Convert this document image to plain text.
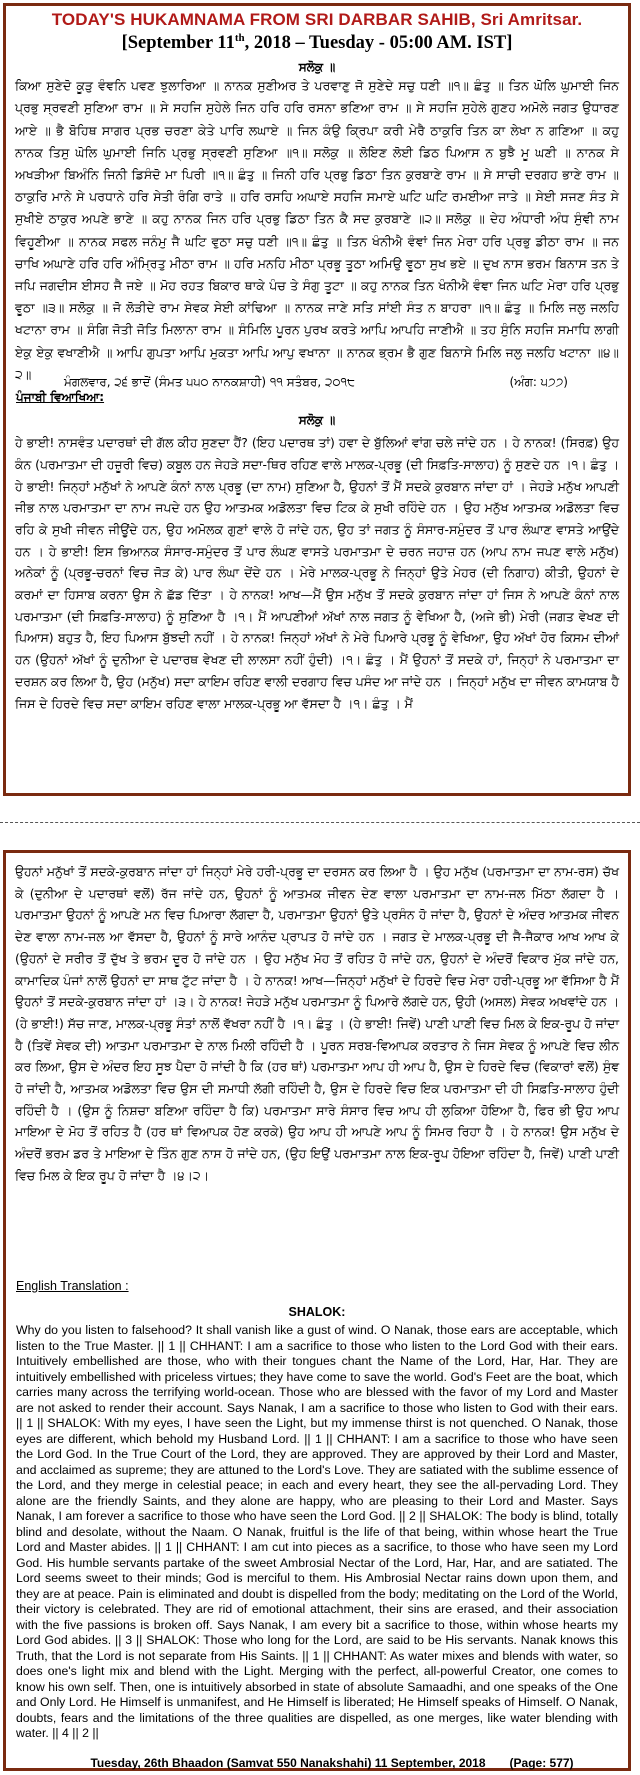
TODAY'S HUKAMNAMA FROM SRI DARBAR SAHIB, Sri Amritsar.
[September 11th, 2018 – Tuesday - 05:00 AM. IST]
ਸਲੋਕੁ ॥
ਕਿਆ ਸੁਣੇਦੋ ਕੂੜੁ ਵੰਞਨਿ ਪਵਣ ਝੁਲਾਰਿਆ ॥ ਨਾਨਕ ਸੁਣੀਅਰ ਤੇ ਪਰਵਾਣੁ ਜੋ ਸੁਣੇਦੇ ਸਚੁ ਧਣੀ ॥੧॥ ਛੰਤੁ ॥ ਤਿਨ ਘੋਲਿ ਘੁਮਾਈ ਜਿਨ ਪ੍ਰਭੁ ਸ੍ਰਵਣੀ ਸੁਣਿਆ ਰਾਮ ॥ ਸੇ ਸਹਜਿ ਸੁਹੇਲੇ ਜਿਨ ਹਰਿ ਹਰਿ ਰਸਨਾ ਭਣਿਆ ਰਾਮ ॥ ਸੇ ਸਹਜਿ ਸੁਹੇਲੇ ਗੁਣਹ ਅਮੋਲੇ ਜਗਤ ਉਧਾਰਣ ਆਏ ॥ ਭੈ ਬੋਹਿਥ ਸਾਗਰ ਪ੍ਰਭ ਚਰਣਾ ਕੇਤੇ ਪਾਰਿ ਲਘਾਏ ॥ ਜਿਨ ਕੰਉ ਕ੍ਰਿਪਾ ਕਰੀ ਮੇਰੈ ਠਾਕੁਰਿ ਤਿਨ ਕਾ ਲੇਖਾ ਨ ਗਣਿਆ ॥ ਕਹੁ ਨਾਨਕ ਤਿਸੁ ਘੋਲਿ ਘੁਮਾਈ ਜਿਨਿ ਪ੍ਰਭੁ ਸ੍ਰਵਣੀ ਸੁਣਿਆ ॥੧॥ ਸਲੋਕੁ ॥ ਲੋਇਣ ਲੋਈ ਡਿਠ ਪਿਆਸ ਨ ਬੁਝੈ ਮੂ ਘਣੀ ॥ ਨਾਨਕ ਸੇ ਅਖੜੀਆ ਬਿਅੰਨਿ ਜਿਨੀ ਡਿਸੰਦੋ ਮਾ ਪਿਰੀ ॥੧॥ ਛੰਤੁ ॥ ਜਿਨੀ ਹਰਿ ਪ੍ਰਭੁ ਡਿਠਾ ਤਿਨ ਕੁਰਬਾਣੇ ਰਾਮ ॥ ਸੇ ਸਾਚੀ ਦਰਗਹ ਭਾਣੇ ਰਾਮ ॥ ਠਾਕੁਰਿ ਮਾਨੇ ਸੇ ਪਰਧਾਨੇ ਹਰਿ ਸੇਤੀ ਰੰਗਿ ਰਾਤੇ ॥ ਹਰਿ ਰਸਹਿ ਅਘਾਏ ਸਹਜਿ ਸਮਾਏ ਘਟਿ ਘਟਿ ਰਮਈਆ ਜਾਤੇ ॥ ਸੇਈ ਸਜਣ ਸੰਤ ਸੇ ਸੁਖੀਏ ਠਾਕੁਰ ਅਪਣੇ ਭਾਣੇ ॥ ਕਹੁ ਨਾਨਕ ਜਿਨ ਹਰਿ ਪ੍ਰਭੁ ਡਿਠਾ ਤਿਨ ਕੈ ਸਦ ਕੁਰਬਾਣੇ ॥੨॥ ਸਲੋਕੁ ॥ ਦੇਹ ਅੰਧਾਰੀ ਅੰਧ ਸੁੰਞੀ ਨਾਮ ਵਿਹੂਣੀਆ ॥ ਨਾਨਕ ਸਫਲ ਜਨੰਮੁ ਜੈ ਘਟਿ ਵੁਠਾ ਸਚੁ ਧਣੀ ॥੧॥ ਛੰਤੁ ॥ ਤਿਨ ਖੰਨੀਐ ਵੰਞਾਂ ਜਿਨ ਮੇਰਾ ਹਰਿ ਪ੍ਰਭੁ ਡੀਠਾ ਰਾਮ ॥ ਜਨ ਚਾਖਿ ਅਘਾਣੇ ਹਰਿ ਹਰਿ ਅੰਮ੍ਰਿਤੁ ਮੀਠਾ ਰਾਮ ॥ ਹਰਿ ਮਨਹਿ ਮੀਠਾ ਪ੍ਰਭੂ ਤੂਠਾ ਅਮਿਉ ਵੂਠਾ ਸੁਖ ਭਏ ॥ ਦੁਖ ਨਾਸ ਭਰਮ ਬਿਨਾਸ ਤਨ ਤੇ ਜਪਿ ਜਗਦੀਸ ਈਸਹ ਜੈ ਜਏ ॥ ਮੋਹ ਰਹਤ ਬਿਕਾਰ ਥਾਕੇ ਪੰਚ ਤੇ ਸੰਗੁ ਤੂਟਾ ॥ ਕਹੁ ਨਾਨਕ ਤਿਨ ਖੰਨੀਐ ਵੰਞਾ ਜਿਨ ਘਟਿ ਮੇਰਾ ਹਰਿ ਪ੍ਰਭੁ ਵੂਠਾ ॥੩॥ ਸਲੋਕੁ ॥ ਜੋ ਲੋੜੀਦੇ ਰਾਮ ਸੇਵਕ ਸੇਈ ਕਾਂਢਿਆ ॥ ਨਾਨਕ ਜਾਣੇ ਸਤਿ ਸਾਂਈ ਸੰਤ ਨ ਬਾਹਰਾ ॥੧॥ ਛੰਤੁ ॥ ਮਿਲਿ ਜਲੁ ਜਲਹਿ ਖਟਾਨਾ ਰਾਮ ॥ ਸੰਗਿ ਜੋਤੀ ਜੋਤਿ ਮਿਲਾਨਾ ਰਾਮ ॥ ਸੰਮਿਲਿ ਪੂਰਨ ਪੁਰਖ ਕਰਤੇ ਆਪਿ ਆਪਹਿ ਜਾਣੀਐ ॥ ਤਹ ਸੁੰਨਿ ਸਹਜਿ ਸਮਾਧਿ ਲਾਗੀ ਏਕੁ ਏਕੁ ਵਖਾਣੀਐ ॥ ਆਪਿ ਗੁਪਤਾ ਆਪਿ ਮੁਕਤਾ ਆਪਿ ਆਪੁ ਵਖਾਨਾ ॥ ਨਾਨਕ ਭ੍ਰਮ ਭੈ ਗੁਣ ਬਿਨਾਸੇ ਮਿਲਿ ਜਲੁ ਜਲਹਿ ਖਟਾਨਾ ॥੪॥੨॥
ਮੰਗਲਵਾਰ, ੨੬ ਭਾਦੋਂ (ਸੰਮਤ ੫੫੦ ਨਾਨਕਸ਼ਾਹੀ) ੧੧ ਸਤੰਬਰ, ੨੦੧੮	(ਅੰਗ: ੫੭੭)
ਪੰਜਾਬੀ ਵਿਆਖਿਆ:
ਸਲੋਕੁ ॥
ਹੇ ਭਾਈ! ਨਾਸਵੰਤ ਪਦਾਰਥਾਂ ਦੀ ਗੱਲ ਕੀਹ ਸੁਣਦਾ ਹੈਂ? (ਇਹ ਪਦਾਰਥ ਤਾਂ) ਹਵਾ ਦੇ ਬੁੱਲਿਆਂ ਵਾਂਗ ਚਲੇ ਜਾਂਦੇ ਹਨ । ਹੇ ਨਾਨਕ! (ਸਿਰਫ਼) ਉਹ ਕੰਨ (ਪਰਮਾਤਮਾ ਦੀ ਹਜ਼ੂਰੀ ਵਿਚ) ਕਬੂਲ ਹਨ ਜੇਹੜੇ ਸਦਾ-ਥਿਰ ਰਹਿਣ ਵਾਲੇ ਮਾਲਕ-ਪ੍ਰਭੂ (ਦੀ ਸਿਫ਼ਤਿ-ਸਾਲਾਹ) ਨੂੰ ਸੁਣਦੇ ਹਨ ।੧। ਛੰਤੁ । ਹੇ ਭਾਈ! ਜਿਨ੍ਹਾਂ ਮਨੁੱਖਾਂ ਨੇ ਆਪਣੇ ਕੰਨਾਂ ਨਾਲ ਪ੍ਰਭੂ (ਦਾ ਨਾਮ) ਸੁਣਿਆ ਹੈ, ਉਹਨਾਂ ਤੋਂ ਮੈਂ ਸਦਕੇ ਕੁਰਬਾਨ ਜਾਂਦਾ ਹਾਂ । ਜੇਹੜੇ ਮਨੁੱਖ ਆਪਣੀ ਜੀਭ ਨਾਲ ਪਰਮਾਤਮਾ ਦਾ ਨਾਮ ਜਪਦੇ ਹਨ ਉਹ ਆਤਮਕ ਅਡੋਲਤਾ ਵਿਚ ਟਿਕ ਕੇ ਸੁਖੀ ਰਹਿੰਦੇ ਹਨ । ਉਹ ਮਨੁੱਖ ਆਤਮਕ ਅਡੋਲਤਾ ਵਿਚ ਰਹਿ ਕੇ ਸੁਖੀ ਜੀਵਨ ਜੀਊਂਦੇ ਹਨ, ਉਹ ਅਮੋਲਕ ਗੁਣਾਂ ਵਾਲੇ ਹੋ ਜਾਂਦੇ ਹਨ, ਉਹ ਤਾਂ ਜਗਤ ਨੂੰ ਸੰਸਾਰ-ਸਮੁੰਦਰ ਤੋਂ ਪਾਰ ਲੰਘਾਣ ਵਾਸਤੇ ਆਉਂਦੇ ਹਨ । ਹੇ ਭਾਈ! ਇਸ ਭਿਆਨਕ ਸੰਸਾਰ-ਸਮੁੰਦਰ ਤੋਂ ਪਾਰ ਲੰਘਣ ਵਾਸਤੇ ਪਰਮਾਤਮਾ ਦੇ ਚਰਨ ਜਹਾਜ਼ ਹਨ (ਆਪ ਨਾਮ ਜਪਣ ਵਾਲੇ ਮਨੁੱਖ) ਅਨੇਕਾਂ ਨੂੰ (ਪ੍ਰਭੂ-ਚਰਨਾਂ ਵਿਚ ਜੋੜ ਕੇ) ਪਾਰ ਲੰਘਾ ਦੇਂਦੇ ਹਨ । ਮੇਰੇ ਮਾਲਕ-ਪ੍ਰਭੂ ਨੇ ਜਿਨ੍ਹਾਂ ਉਤੇ ਮੇਹਰ (ਦੀ ਨਿਗਾਹ) ਕੀਤੀ, ਉਹਨਾਂ ਦੇ ਕਰਮਾਂ ਦਾ ਹਿਸਾਬ ਕਰਨਾ ਉਸ ਨੇ ਛੱਡ ਦਿੱਤਾ । ਹੇ ਨਾਨਕ! ਆਖ—ਮੈਂ ਉਸ ਮਨੁੱਖ ਤੋਂ ਸਦਕੇ ਕੁਰਬਾਨ ਜਾਂਦਾ ਹਾਂ ਜਿਸ ਨੇ ਆਪਣੇ ਕੰਨਾਂ ਨਾਲ ਪਰਮਾਤਮਾ (ਦੀ ਸਿਫ਼ਤਿ-ਸਾਲਾਹ) ਨੂੰ ਸੁਣਿਆ ਹੈ ।੧। ਮੈਂ ਆਪਣੀਆਂ ਅੱਖਾਂ ਨਾਲ ਜਗਤ ਨੂੰ ਵੇਖਿਆ ਹੈ, (ਅਜੇ ਭੀ) ਮੇਰੀ (ਜਗਤ ਵੇਖਣ ਦੀ ਪਿਆਸ) ਬਹੁਤ ਹੈ, ਇਹ ਪਿਆਸ ਬੁੱਝਦੀ ਨਹੀਂ । ਹੇ ਨਾਨਕ! ਜਿਨ੍ਹਾਂ ਅੱਖਾਂ ਨੇ ਮੇਰੇ ਪਿਆਰੇ ਪ੍ਰਭੂ ਨੂੰ ਵੇਖਿਆ, ਉਹ ਅੱਖਾਂ ਹੋਰ ਕਿਸਮ ਦੀਆਂ ਹਨ (ਉਹਨਾਂ ਅੱਖਾਂ ਨੂੰ ਦੁਨੀਆ ਦੇ ਪਦਾਰਥ ਵੇਖਣ ਦੀ ਲਾਲਸਾ ਨਹੀਂ ਹੁੰਦੀ) ।੧। ਛੰਤੁ । ਮੈਂ ਉਹਨਾਂ ਤੋਂ ਸਦਕੇ ਹਾਂ, ਜਿਨ੍ਹਾਂ ਨੇ ਪਰਮਾਤਮਾ ਦਾ ਦਰਸ਼ਨ ਕਰ ਲਿਆ ਹੈ, ਉਹ (ਮਨੁੱਖ) ਸਦਾ ਕਾਇਮ ਰਹਿਣ ਵਾਲੀ ਦਰਗਾਹ ਵਿਚ ਪਸੰਦ ਆ ਜਾਂਦੇ ਹਨ । ਜਿਨ੍ਹਾਂ ਮਨੁੱਖ ਦਾ ਜੀਵਨ ਕਾਮਯਾਬ ਹੈ ਜਿਸ ਦੇ ਹਿਰਦੇ ਵਿਚ ਸਦਾ ਕਾਇਮ ਰਹਿਣ ਵਾਲਾ ਮਾਲਕ-ਪ੍ਰਭੂ ਆ ਵੱਸਦਾ ਹੈ ।੧। ਛੰਤੁ । ਮੈਂ
ਉਹਨਾਂ ਮਨੁੱਖਾਂ ਤੋਂ ਸਦਕੇ-ਕੁਰਬਾਨ ਜਾਂਦਾ ਹਾਂ ਜਿਨ੍ਹਾਂ ਮੇਰੇ ਹਰੀ-ਪ੍ਰਭੂ ਦਾ ਦਰਸਨ ਕਰ ਲਿਆ ਹੈ । ਉਹ ਮਨੁੱਖ (ਪਰਮਾਤਮਾ ਦਾ ਨਾਮ-ਰਸ) ਚੱਖ ਕੇ (ਦੁਨੀਆ ਦੇ ਪਦਾਰਥਾਂ ਵਲੋਂ) ਰੱਜ ਜਾਂਦੇ ਹਨ, ਉਹਨਾਂ ਨੂੰ ਆਤਮਕ ਜੀਵਨ ਦੇਣ ਵਾਲਾ ਪਰਮਾਤਮਾ ਦਾ ਨਾਮ-ਜਲ ਮਿੱਠਾ ਲੱਗਦਾ ਹੈ । ਪਰਮਾਤਮਾ ਉਹਨਾਂ ਨੂੰ ਆਪਣੇ ਮਨ ਵਿਚ ਪਿਆਰਾ ਲੱਗਦਾ ਹੈ, ਪਰਮਾਤਮਾ ਉਹਨਾਂ ਉਤੇ ਪ੍ਰਸੰਨ ਹੋ ਜਾਂਦਾ ਹੈ, ਉਹਨਾਂ ਦੇ ਅੰਦਰ ਆਤਮਕ ਜੀਵਨ ਦੇਣ ਵਾਲਾ ਨਾਮ-ਜਲ ਆ ਵੱਸਦਾ ਹੈ, ਉਹਨਾਂ ਨੂੰ ਸਾਰੇ ਆਨੰਦ ਪ੍ਰਾਪਤ ਹੋ ਜਾਂਦੇ ਹਨ । ਜਗਤ ਦੇ ਮਾਲਕ-ਪ੍ਰਭੂ ਦੀ ਜੈ-ਜੈਕਾਰ ਆਖ ਆਖ ਕੇ (ਉਹਨਾਂ ਦੇ ਸਰੀਰ ਤੋਂ ਦੁੱਖ ਤੇ ਭਰਮ ਦੂਰ ਹੋ ਜਾਂਦੇ ਹਨ । ਉਹ ਮਨੁੱਖ ਮੋਹ ਤੋਂ ਰਹਿਤ ਹੋ ਜਾਂਦੇ ਹਨ, ਉਹਨਾਂ ਦੇ ਅੰਦਰੋਂ ਵਿਕਾਰ ਮੁੱਕ ਜਾਂਦੇ ਹਨ, ਕਾਮਾਦਿਕ ਪੰਜਾਂ ਨਾਲੋਂ ਉਹਨਾਂ ਦਾ ਸਾਥ ਟੁੱਟ ਜਾਂਦਾ ਹੈ । ਹੇ ਨਾਨਕ! ਆਖ—ਜਿਨ੍ਹਾਂ ਮਨੁੱਖਾਂ ਦੇ ਹਿਰਦੇ ਵਿਚ ਮੇਰਾ ਹਰੀ-ਪ੍ਰਭੂ ਆ ਵੱਸਿਆ ਹੈ ਮੈਂ ਉਹਨਾਂ ਤੋਂ ਸਦਕੇ-ਕੁਰਬਾਨ ਜਾਂਦਾ ਹਾਂ ।੩। ਹੇ ਨਾਨਕ! ਜੇਹੜੇ ਮਨੁੱਖ ਪਰਮਾਤਮਾ ਨੂੰ ਪਿਆਰੇ ਲੱਗਦੇ ਹਨ, ਉਹੀ (ਅਸਲ) ਸੇਵਕ ਅਖਵਾਂਦੇ ਹਨ । (ਹੇ ਭਾਈ!) ਸੱਚ ਜਾਣ, ਮਾਲਕ-ਪ੍ਰਭੂ ਸੰਤਾਂ ਨਾਲੋਂ ਵੱਖਰਾ ਨਹੀਂ ਹੈ ।੧। ਛੰਤੁ । (ਹੇ ਭਾਈ! ਜਿਵੇਂ) ਪਾਣੀ ਪਾਣੀ ਵਿਚ ਮਿਲ ਕੇ ਇਕ-ਰੂਪ ਹੋ ਜਾਂਦਾ ਹੈ (ਤਿਵੇਂ ਸੇਵਕ ਦੀ) ਆਤਮਾ ਪਰਮਾਤਮਾ ਦੇ ਨਾਲ ਮਿਲੀ ਰਹਿੰਦੀ ਹੈ । ਪੂਰਨ ਸਰਬ-ਵਿਆਪਕ ਕਰਤਾਰ ਨੇ ਜਿਸ ਸੇਵਕ ਨੂੰ ਆਪਣੇ ਵਿਚ ਲੀਨ ਕਰ ਲਿਆ, ਉਸ ਦੇ ਅੰਦਰ ਇਹ ਸੂਝ ਪੈਦਾ ਹੋ ਜਾਂਦੀ ਹੈ ਕਿ (ਹਰ ਥਾਂ) ਪਰਮਾਤਮਾ ਆਪ ਹੀ ਆਪ ਹੈ, ਉਸ ਦੇ ਹਿਰਦੇ ਵਿਚ (ਵਿਕਾਰਾਂ ਵਲੋਂ) ਸੁੰਞ ਹੋ ਜਾਂਦੀ ਹੈ, ਆਤਮਕ ਅਡੋਲਤਾ ਵਿਚ ਉਸ ਦੀ ਸਮਾਧੀ ਲੱਗੀ ਰਹਿੰਦੀ ਹੈ, ਉਸ ਦੇ ਹਿਰਦੇ ਵਿਚ ਇਕ ਪਰਮਾਤਮਾ ਦੀ ਹੀ ਸਿਫ਼ਤਿ-ਸਾਲਾਹ ਹੁੰਦੀ ਰਹਿੰਦੀ ਹੈ । (ਉਸ ਨੂੰ ਨਿਸ਼ਚਾ ਬਣਿਆ ਰਹਿੰਦਾ ਹੈ ਕਿ) ਪਰਮਾਤਮਾ ਸਾਰੇ ਸੰਸਾਰ ਵਿਚ ਆਪ ਹੀ ਲੁਕਿਆ ਹੋਇਆ ਹੈ, ਫਿਰ ਭੀ ਉਹ ਆਪ ਮਾਇਆ ਦੇ ਮੋਹ ਤੋਂ ਰਹਿਤ ਹੈ (ਹਰ ਥਾਂ ਵਿਆਪਕ ਹੋਣ ਕਰਕੇ) ਉਹ ਆਪ ਹੀ ਆਪਣੇ ਆਪ ਨੂੰ ਸਿਮਰ ਰਿਹਾ ਹੈ । ਹੇ ਨਾਨਕ! ਉਸ ਮਨੁੱਖ ਦੇ ਅੰਦਰੋਂ ਭਰਮ ਡਰ ਤੇ ਮਾਇਆ ਦੇ ਤਿੰਨ ਗੁਣ ਨਾਸ ਹੋ ਜਾਂਦੇ ਹਨ, (ਉਹ ਇਉਂ ਪਰਮਾਤਮਾ ਨਾਲ ਇਕ-ਰੂਪ ਹੋਇਆ ਰਹਿੰਦਾ ਹੈ, ਜਿਵੇਂ) ਪਾਣੀ ਪਾਣੀ ਵਿਚ ਮਿਲ ਕੇ ਇਕ ਰੂਪ ਹੋ ਜਾਂਦਾ ਹੈ ।੪।੨।
English Translation :
SHALOK:
Why do you listen to falsehood? It shall vanish like a gust of wind. O Nanak, those ears are acceptable, which listen to the True Master. || 1 || CHHANT: I am a sacrifice to those who listen to the Lord God with their ears. Intuitively embellished are those, who with their tongues chant the Name of the Lord, Har, Har. They are intuitively embellished with priceless virtues; they have come to save the world. God's Feet are the boat, which carries many across the terrifying world-ocean. Those who are blessed with the favor of my Lord and Master are not asked to render their account. Says Nanak, I am a sacrifice to those who listen to God with their ears. || 1 || SHALOK: With my eyes, I have seen the Light, but my immense thirst is not quenched. O Nanak, those eyes are different, which behold my Husband Lord. || 1 || CHHANT: I am a sacrifice to those who have seen the Lord God. In the True Court of the Lord, they are approved. They are approved by their Lord and Master, and acclaimed as supreme; they are attuned to the Lord's Love. They are satiated with the sublime essence of the Lord, and they merge in celestial peace; in each and every heart, they see the all-pervading Lord. They alone are the friendly Saints, and they alone are happy, who are pleasing to their Lord and Master. Says Nanak, I am forever a sacrifice to those who have seen the Lord God. || 2 || SHALOK: The body is blind, totally blind and desolate, without the Naam. O Nanak, fruitful is the life of that being, within whose heart the True Lord and Master abides. || 1 || CHHANT: I am cut into pieces as a sacrifice, to those who have seen my Lord God. His humble servants partake of the sweet Ambrosial Nectar of the Lord, Har, Har, and are satiated. The Lord seems sweet to their minds; God is merciful to them. His Ambrosial Nectar rains down upon them, and they are at peace. Pain is eliminated and doubt is dispelled from the body; meditating on the Lord of the World, their victory is celebrated. They are rid of emotional attachment, their sins are erased, and their association with the five passions is broken off. Says Nanak, I am every bit a sacrifice to those, within whose hearts my Lord God abides. || 3 || SHALOK: Those who long for the Lord, are said to be His servants. Nanak knows this Truth, that the Lord is not separate from His Saints. || 1 || CHHANT: As water mixes and blends with water, so does one's light mix and blend with the Light. Merging with the perfect, all-powerful Creator, one comes to know his own self. Then, one is intuitively absorbed in state of absolute Samaadhi, and one speaks of the One and Only Lord. He Himself is unmanifest, and He Himself is liberated; He Himself speaks of Himself. O Nanak, doubts, fears and the limitations of the three qualities are dispelled, as one merges, like water blending with water. || 4 || 2 ||
Tuesday, 26th Bhaadon (Samvat 550 Nanakshahi) 11 September, 2018 (Page: 577)
